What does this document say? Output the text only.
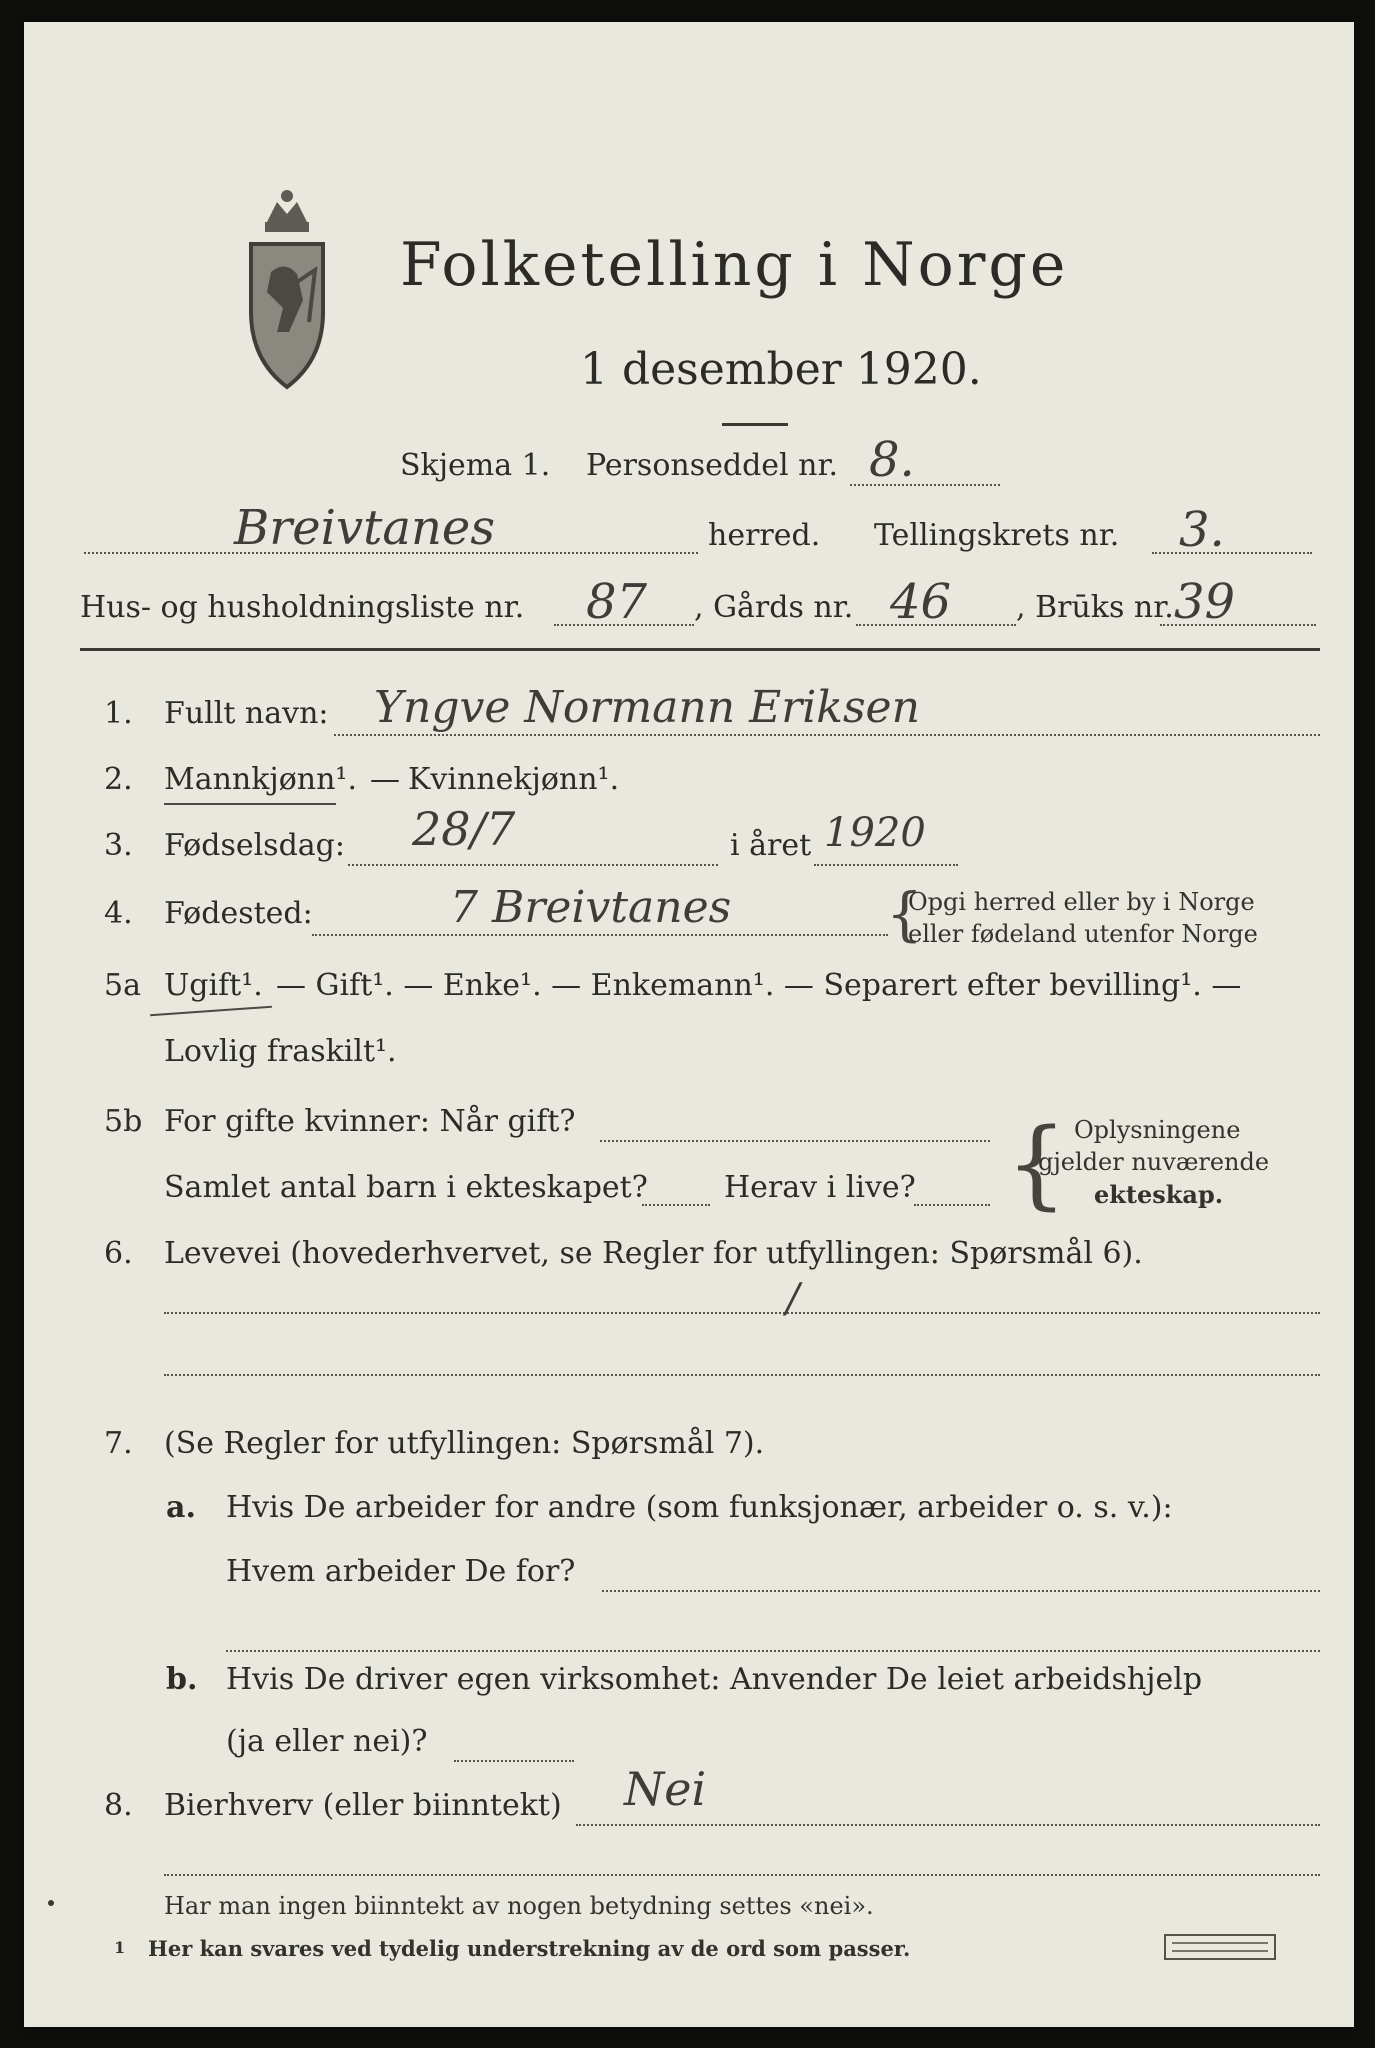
Folketelling i Norge
1 desember 1920.
Skjema 1. Personseddel nr. 8.
Breivtanes	herred. Tellingskrets nr. 3.
Hus- og husholdningsliste nr. 87 , Gårds nr. 46 , Brūks nr. 39
1. Fullt navn: Yngve Normann Eriksen
2. Mannkjønn¹. — Kvinnekjønn¹.
3. Fødselsdag: 28/7	i året 1920
4. Fødested:	7 Breivtanes	{
Opgi herred eller by i Norge
eller fødeland utenfor Norge
5a Ugift¹. — Gift¹. — Enke¹. — Enkemann¹. — Separert efter bevilling¹. —
Lovlig fraskilt¹.
5b For gifte kvinner: Når gift?
Samlet antal barn i ekteskapet?	Herav i live? { Oplysningene
gjelder nuværende
ekteskap.
6. Levevei (hovederhvervet, se Regler for utfyllingen: Spørsmål 6).
/
7. (Se Regler for utfyllingen: Spørsmål 7).
a. Hvis De arbeider for andre (som funksjonær, arbeider o. s. v.):
Hvem arbeider De for?
b. Hvis De driver egen virksomhet: Anvender De leiet arbeidshjelp
(ja eller nei)?
8. Bierhverv (eller biinntekt) Nei
Har man ingen biinntekt av nogen betydning settes «nei».
1 Her kan svares ved tydelig understrekning av de ord som passer.
